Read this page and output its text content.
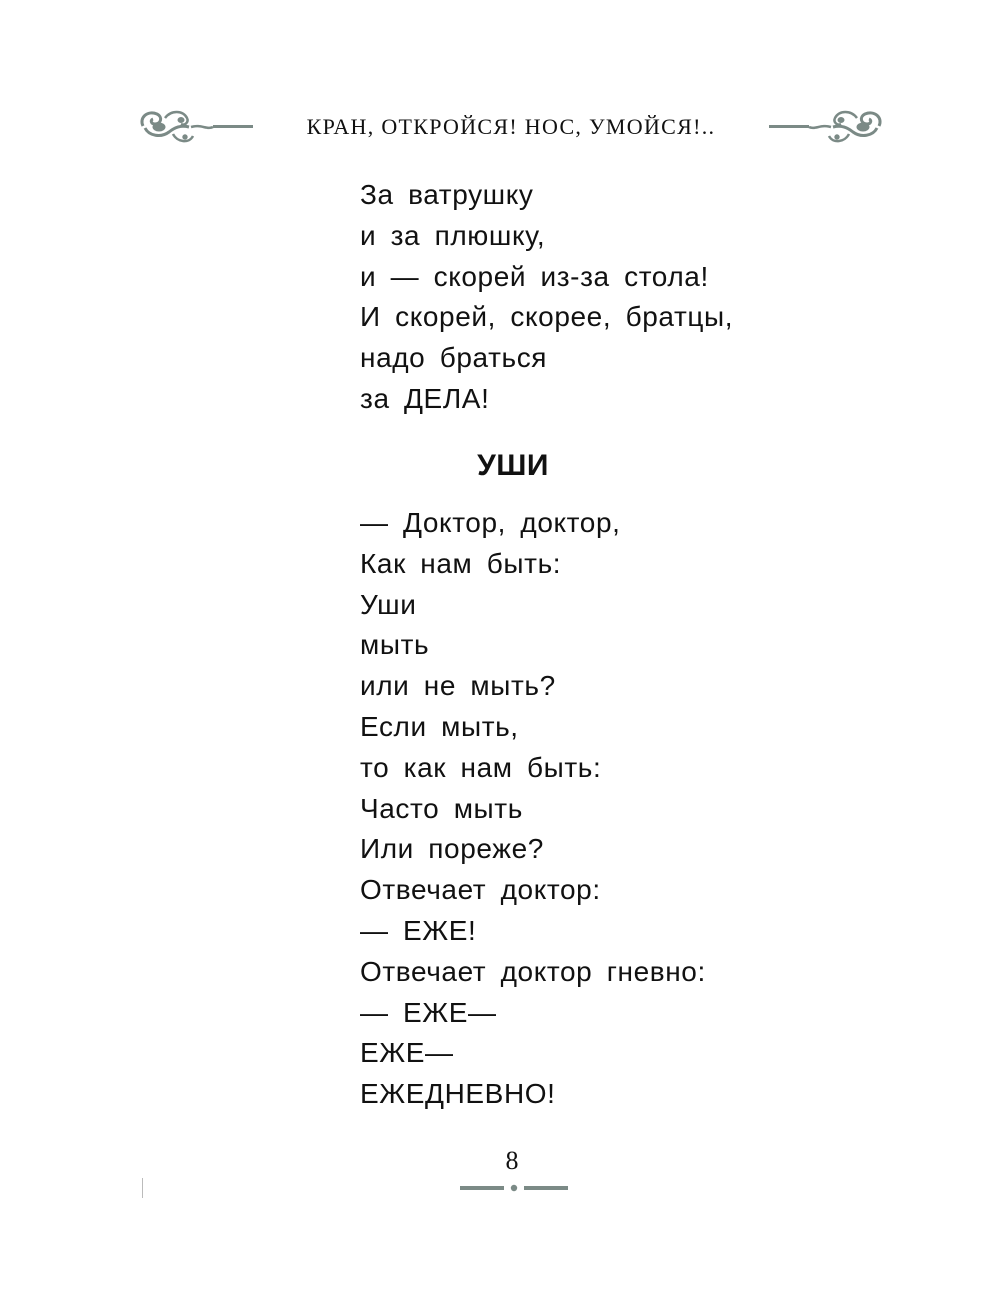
КРАН, ОТКРОЙСЯ! НОС, УМОЙСЯ!..
За ватрушку
и за плюшку,
и — скорей из-за стола!
И скорей, скорее, братцы,
надо браться
за ДЕЛА!
УШИ
— Доктор, доктор,
Как нам быть:
Уши
мыть
или не мыть?
Если мыть,
то как нам быть:
Часто мыть
Или пореже?
Отвечает доктор:
— ЕЖЕ!
Отвечает доктор гневно:
— ЕЖЕ—
ЕЖЕ—
ЕЖЕДНЕВНО!
8
